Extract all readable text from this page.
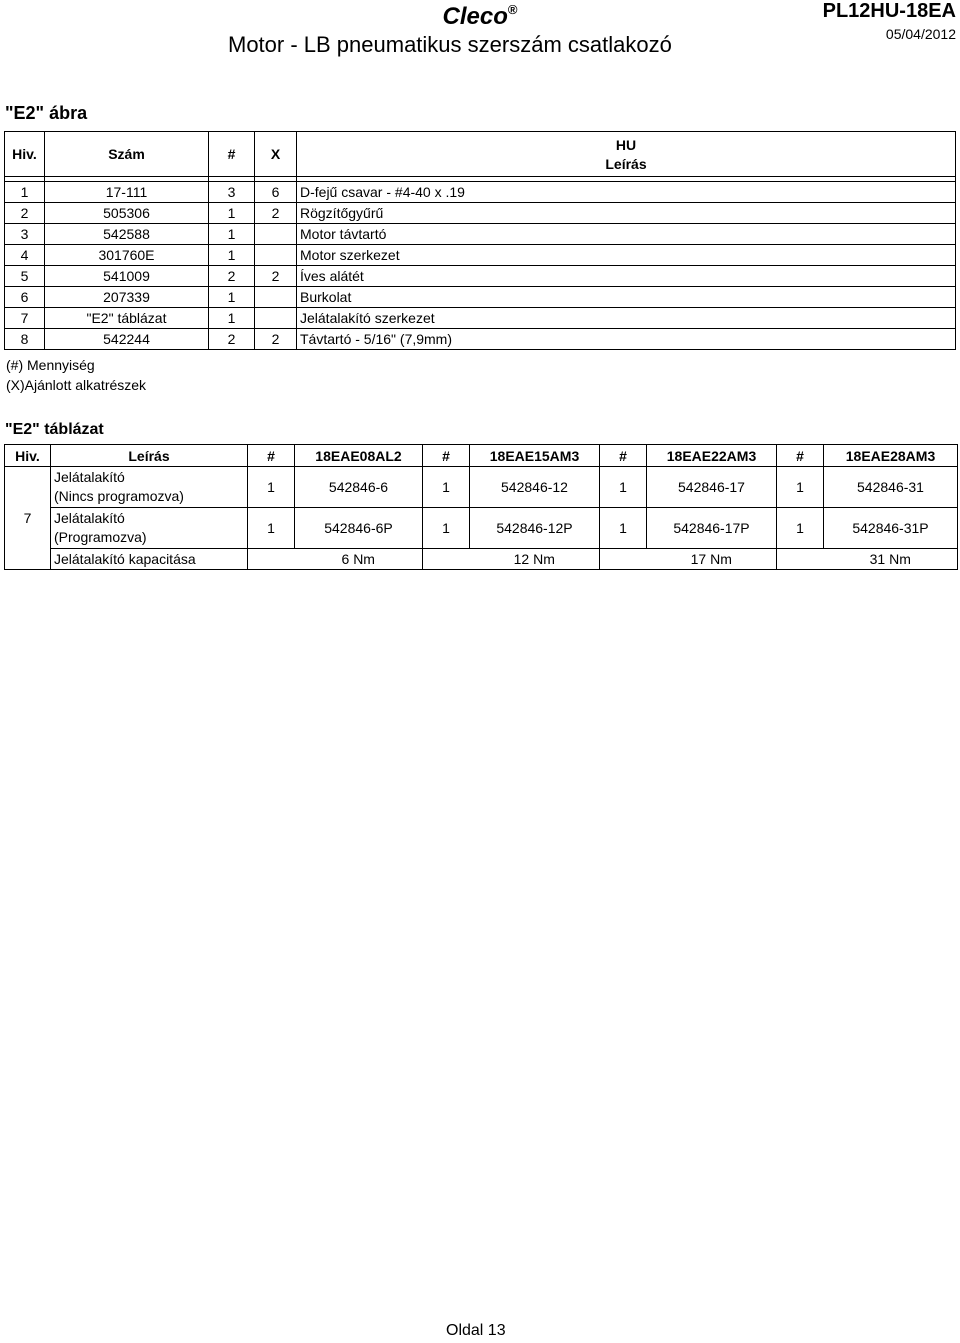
Cleco®
Motor - LB pneumatikus szerszám csatlakozó
PL12HU-18EA
05/04/2012
"E2" ábra
Hiv.	Szám	#	X	HU
Leírás

1	17-111	3	6	D-fejű csavar - #4-40 x .19
2	505306	1	2	Rögzítőgyűrű
3	542588	1		Motor távtartó
4	301760E	1		Motor szerkezet
5	541009	2	2	Íves alátét
6	207339	1		Burkolat
7	"E2" táblázat	1		Jelátalakító szerkezet
8	542244	2	2	Távtartó - 5/16" (7,9mm)
(#) Mennyiség
(X)Ajánlott alkatrészek
"E2" táblázat
Hiv.	Leírás	#	18EAE08AL2	#	18EAE15AM3	#	18EAE22AM3	#	18EAE28AM3
7	Jelátalakító
(Nincs programozva)	1	542846-6	1	542846-12	1	542846-17	1	542846-31

	Jelátalakító
(Programozva)	1	542846-6P	1	542846-12P	1	542846-17P	1	542846-31P
	Jelátalakító kapacitása		6 Nm		12 Nm		17 Nm		31 Nm
Oldal 13
